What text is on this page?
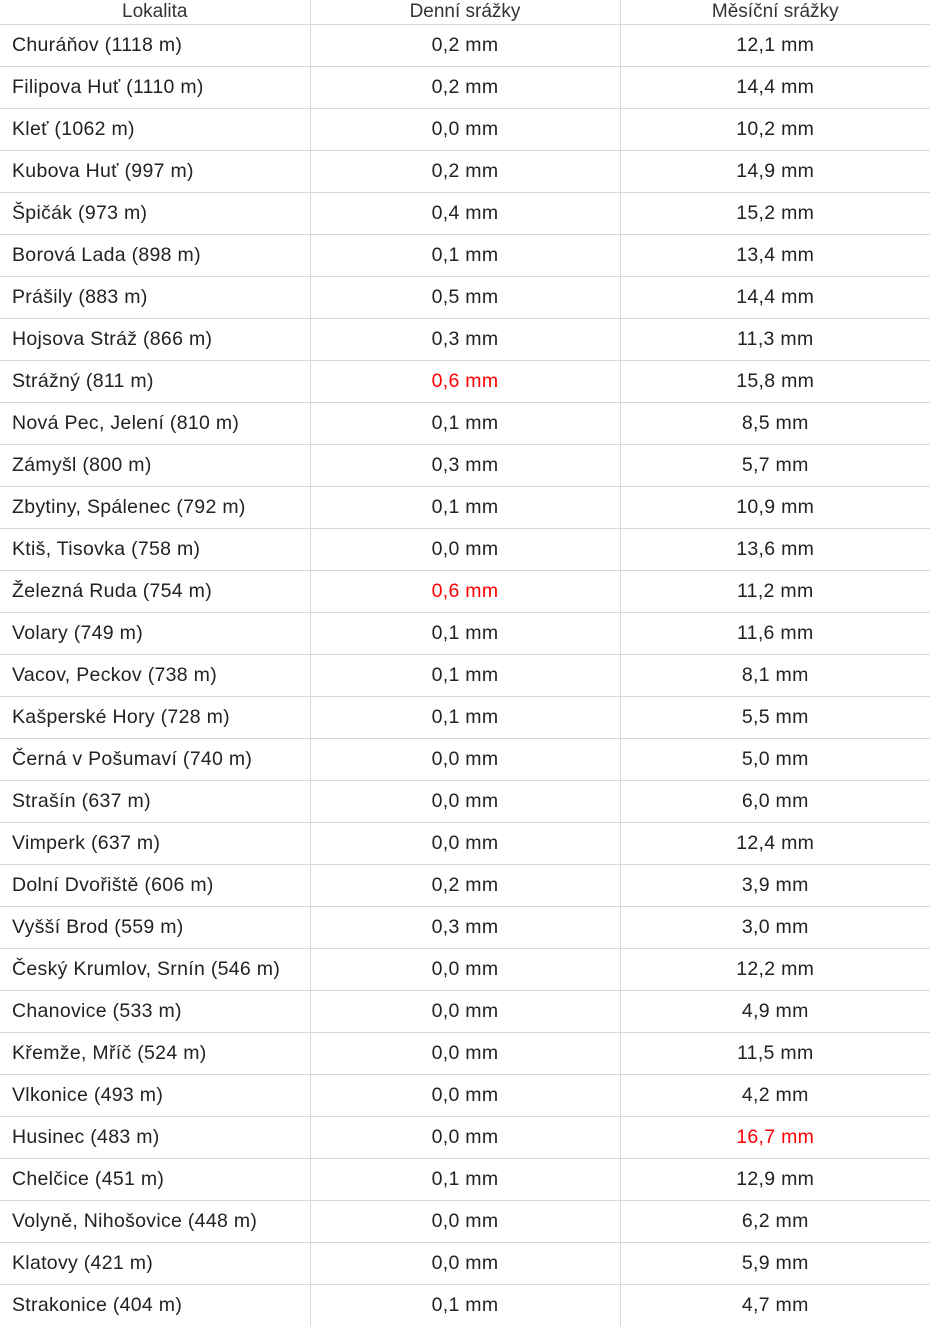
Lokalita	Denní srážky	Měsíční srážky
Churáňov (1118 m)	0,2 mm	12,1 mm
Filipova Huť (1110 m)	0,2 mm	14,4 mm
Kleť (1062 m)	0,0 mm	10,2 mm
Kubova Huť (997 m)	0,2 mm	14,9 mm
Špičák (973 m)	0,4 mm	15,2 mm
Borová Lada (898 m)	0,1 mm	13,4 mm
Prášily (883 m)	0,5 mm	14,4 mm
Hojsova Stráž (866 m)	0,3 mm	11,3 mm
Strážný (811 m)	0,6 mm	15,8 mm
Nová Pec, Jelení (810 m)	0,1 mm	8,5 mm
Zámyšl (800 m)	0,3 mm	5,7 mm
Zbytiny, Spálenec (792 m)	0,1 mm	10,9 mm
Ktiš, Tisovka (758 m)	0,0 mm	13,6 mm
Železná Ruda (754 m)	0,6 mm	11,2 mm
Volary (749 m)	0,1 mm	11,6 mm
Vacov, Peckov (738 m)	0,1 mm	8,1 mm
Kašperské Hory (728 m)	0,1 mm	5,5 mm
Černá v Pošumaví (740 m)	0,0 mm	5,0 mm
Strašín (637 m)	0,0 mm	6,0 mm
Vimperk (637 m)	0,0 mm	12,4 mm
Dolní Dvořiště (606 m)	0,2 mm	3,9 mm
Vyšší Brod (559 m)	0,3 mm	3,0 mm
Český Krumlov, Srnín (546 m)	0,0 mm	12,2 mm
Chanovice (533 m)	0,0 mm	4,9 mm
Křemže, Mříč (524 m)	0,0 mm	11,5 mm
Vlkonice (493 m)	0,0 mm	4,2 mm
Husinec (483 m)	0,0 mm	16,7 mm
Chelčice (451 m)	0,1 mm	12,9 mm
Volyně, Nihošovice (448 m)	0,0 mm	6,2 mm
Klatovy (421 m)	0,0 mm	5,9 mm
Strakonice (404 m)	0,1 mm	4,7 mm
